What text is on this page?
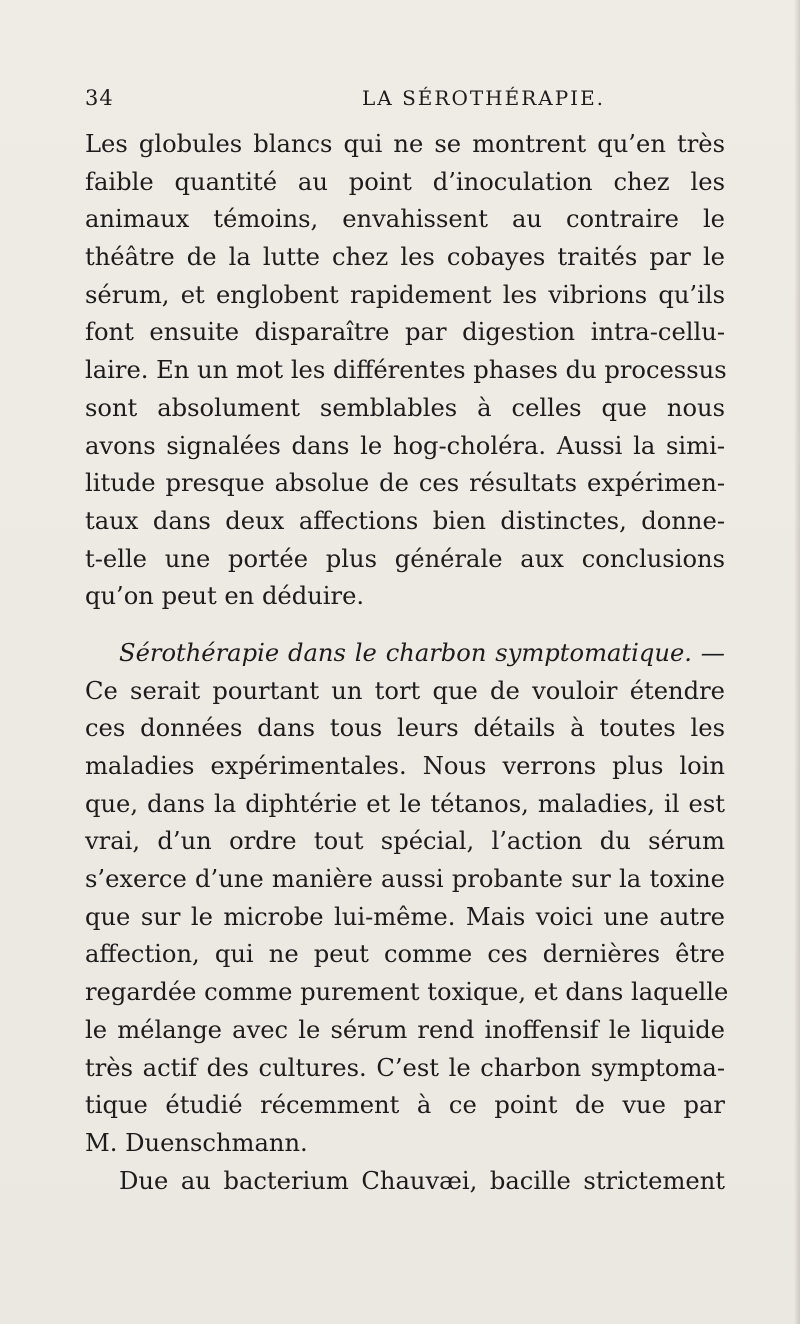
34	LA SÉROTHÉRAPIE.
Les globules blancs qui ne se montrent qu’en très
faible quantité au point d’inoculation chez les
animaux témoins, envahissent au contraire le
théâtre de la lutte chez les cobayes traités par le
sérum, et englobent rapidement les vibrions qu’ils
font ensuite disparaître par digestion intra-cellu-
laire. En un mot les différentes phases du processus
sont absolument semblables à celles que nous
avons signalées dans le hog-choléra. Aussi la simi-
litude presque absolue de ces résultats expérimen-
taux dans deux affections bien distinctes, donne-
t-elle une portée plus générale aux conclusions
qu’on peut en déduire.
Sérothérapie dans le charbon symptomatique. —
Ce serait pourtant un tort que de vouloir étendre
ces données dans tous leurs détails à toutes les
maladies expérimentales. Nous verrons plus loin
que, dans la diphtérie et le tétanos, maladies, il est
vrai, d’un ordre tout spécial, l’action du sérum
s’exerce d’une manière aussi probante sur la toxine
que sur le microbe lui-même. Mais voici une autre
affection, qui ne peut comme ces dernières être
regardée comme purement toxique, et dans laquelle
le mélange avec le sérum rend inoffensif le liquide
très actif des cultures. C’est le charbon symptoma-
tique étudié récemment à ce point de vue par
M. Duenschmann.
Due au bacterium Chauvæi, bacille strictement
